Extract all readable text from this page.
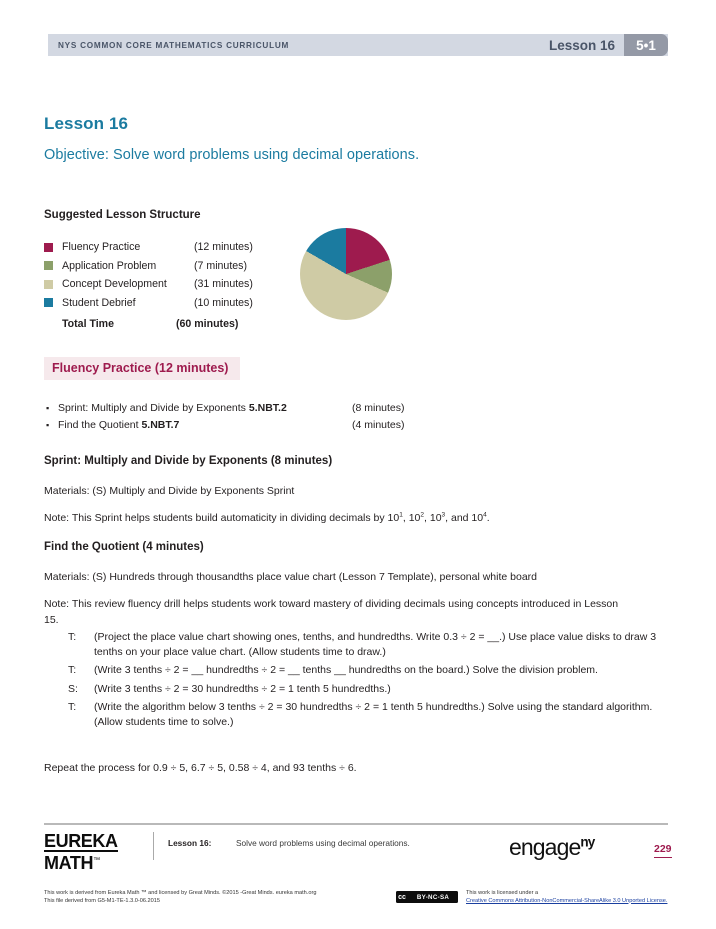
NYS COMMON CORE MATHEMATICS CURRICULUM	Lesson 16	5•1
Lesson 16
Objective: Solve word problems using decimal operations.
Suggested Lesson Structure
Fluency Practice	(12 minutes)
Application Problem	(7 minutes)
Concept Development	(31 minutes)
Student Debrief	(10 minutes)
Total Time	(60 minutes)
Fluency Practice (12 minutes)
▪ Sprint: Multiply and Divide by Exponents 5.NBT.2	(8 minutes)
▪ Find the Quotient 5.NBT.7	(4 minutes)
Sprint: Multiply and Divide by Exponents (8 minutes)
Materials: (S) Multiply and Divide by Exponents Sprint
Note: This Sprint helps students build automaticity in dividing decimals by $10^1$, $10^2$, $10^3$, and $10^4$.
Find the Quotient (4 minutes)
Materials: (S) Hundreds through thousandths place value chart (Lesson 7 Template), personal white board
Note: This review fluency drill helps students work toward mastery of dividing decimals using concepts introduced in Lesson 15.
T:	(Project the place value chart showing ones, tenths, and hundredths. Write 0.3 ÷ 2 = __.) Use place value disks to draw 3 tenths on your place value chart. (Allow students time to draw.)
T:	(Write 3 tenths ÷ 2 = __ hundredths ÷ 2 = __ tenths __ hundredths on the board.) Solve the division problem.
S:	(Write 3 tenths ÷ 2 = 30 hundredths ÷ 2 = 1 tenth 5 hundredths.)
T:	(Write the algorithm below 3 tenths ÷ 2 = 30 hundredths ÷ 2 = 1 tenth 5 hundredths.) Solve using the standard algorithm. (Allow students time to solve.)
Repeat the process for 0.9 ÷ 5, 6.7 ÷ 5, 0.58 ÷ 4, and 93 tenths ÷ 6.
EUREKA
MATH™
Lesson 16:	Solve word problems using decimal operations.	engage$^{ny}$	229
This work is derived from Eureka Math ™ and licensed by Great Minds. ©2015 -Great Minds. eureka math.org
This file derived from G5-M1-TE-1.3.0-06.2015
cc	BY-NC-SA
This work is licensed under a
Creative Commons Attribution-NonCommercial-ShareAlike 3.0 Unported License.
